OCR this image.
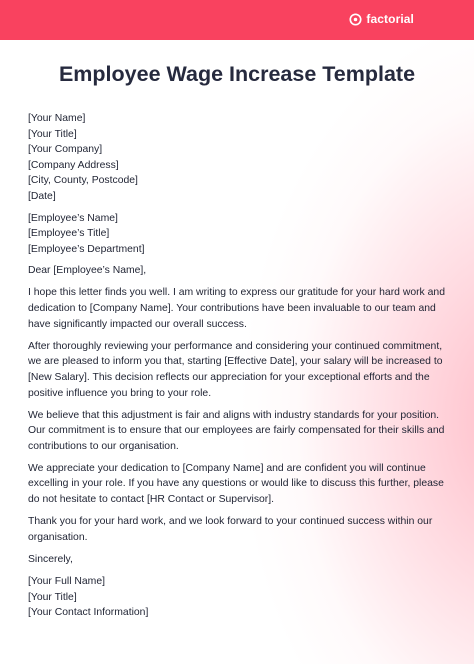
factorial
Employee Wage Increase Template
[Your Name]
[Your Title]
[Your Company]
[Company Address]
[City, County, Postcode]
[Date]
[Employee’s Name]
[Employee’s Title]
[Employee’s Department]

Dear [Employee’s Name],

I hope this letter finds you well. I am writing to express our gratitude for your hard work and dedication to [Company Name]. Your contributions have been invaluable to our team and have significantly impacted our overall success.

After thoroughly reviewing your performance and considering your continued commitment, we are pleased to inform you that, starting [Effective Date], your salary will be increased to [New Salary]. This decision reflects our appreciation for your exceptional efforts and the positive influence you bring to your role.

We believe that this adjustment is fair and aligns with industry standards for your position. Our commitment is to ensure that our employees are fairly compensated for their skills and contributions to our organisation.

We appreciate your dedication to [Company Name] and are confident you will continue excelling in your role. If you have any questions or would like to discuss this further, please do not hesitate to contact [HR Contact or Supervisor].

Thank you for your hard work, and we look forward to your continued success within our organisation.

Sincerely,

[Your Full Name]
[Your Title]
[Your Contact Information]
